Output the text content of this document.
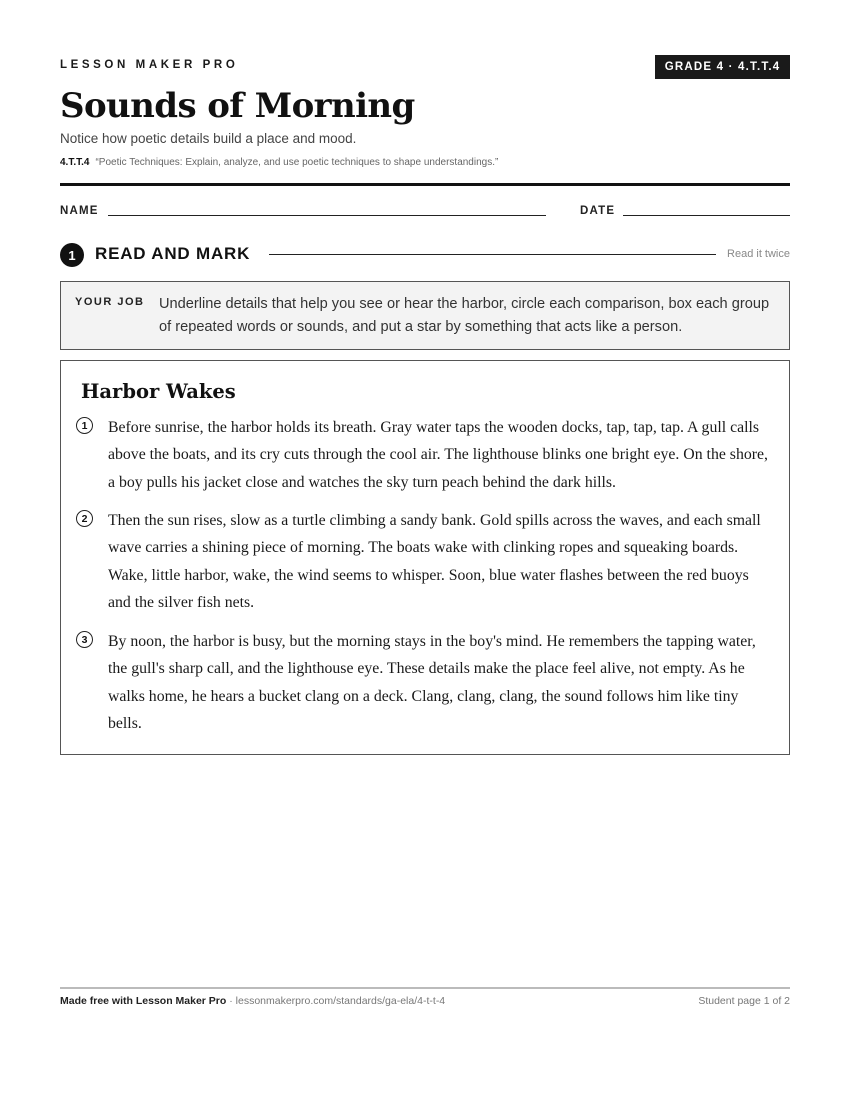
LESSON MAKER PRO	GRADE 4 · 4.T.T.4
Sounds of Morning
Notice how poetic details build a place and mood.
4.T.T.4 “Poetic Techniques: Explain, analyze, and use poetic techniques to shape understandings.”
NAME	DATE
1	READ AND MARK	Read it twice
YOUR JOB Underline details that help you see or hear the harbor, circle each comparison, box each group of repeated words or sounds, and put a star by something that acts like a person.
Harbor Wakes
1	Before sunrise, the harbor holds its breath. Gray water taps the wooden docks, tap, tap, tap. A gull calls above the boats, and its cry cuts through the cool air. The lighthouse blinks one bright eye. On the shore, a boy pulls his jacket close and watches the sky turn peach behind the dark hills.
2	Then the sun rises, slow as a turtle climbing a sandy bank. Gold spills across the waves, and each small wave carries a shining piece of morning. The boats wake with clinking ropes and squeaking boards. Wake, little harbor, wake, the wind seems to whisper. Soon, blue water flashes between the red buoys and the silver fish nets.
3	By noon, the harbor is busy, but the morning stays in the boy's mind. He remembers the tapping water, the gull's sharp call, and the lighthouse eye. These details make the place feel alive, not empty. As he walks home, he hears a bucket clang on a deck. Clang, clang, clang, the sound follows him like tiny bells.
Made free with Lesson Maker Pro · lessonmakerpro.com/standards/ga-ela/4-t-t-4	Student page 1 of 2
